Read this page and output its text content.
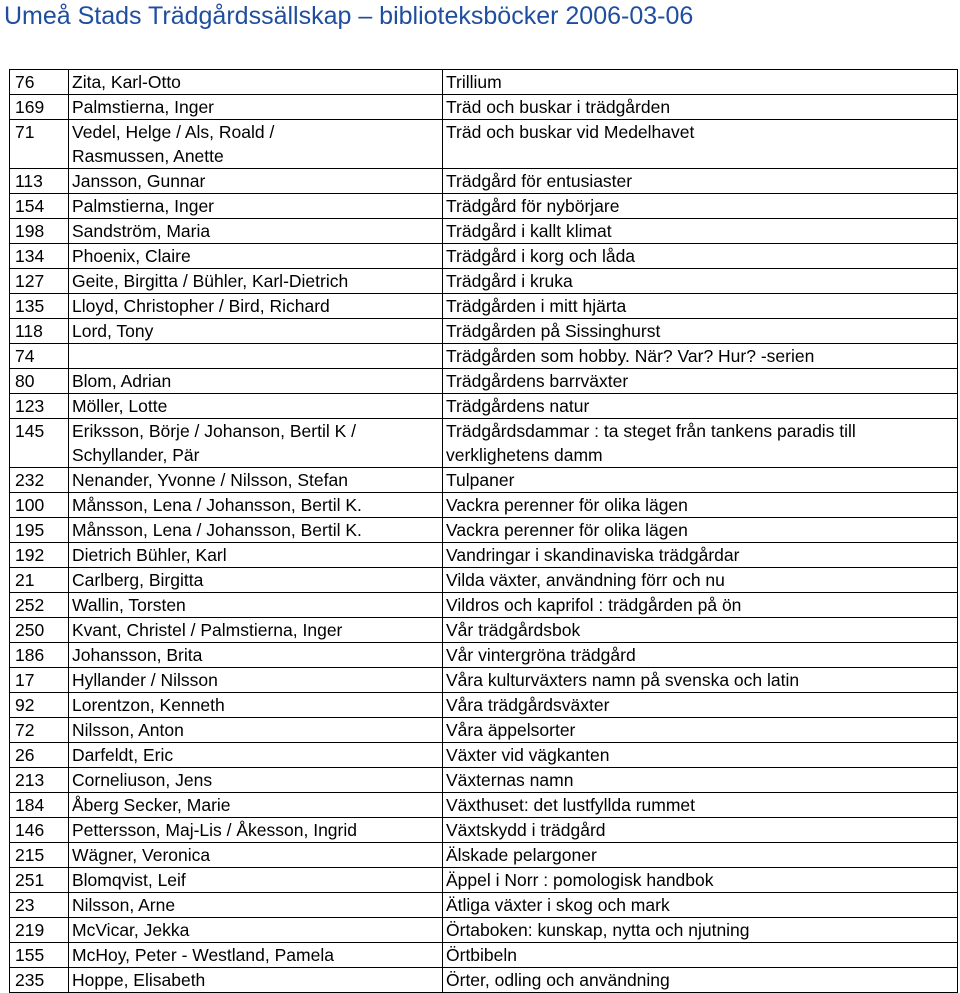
Umeå Stads Trädgårdssällskap – biblioteksböcker 2006-03-06
76	Zita, Karl-Otto	Trillium
169	Palmstierna, Inger	Träd och buskar i trädgården
71	Vedel, Helge / Als, Roald /
Rasmussen, Anette	Träd och buskar vid Medelhavet
113	Jansson, Gunnar	Trädgård för entusiaster
154	Palmstierna, Inger	Trädgård för nybörjare
198	Sandström, Maria	Trädgård i kallt klimat
134	Phoenix, Claire	Trädgård i korg och låda
127	Geite, Birgitta / Bühler, Karl-Dietrich	Trädgård i kruka
135	Lloyd, Christopher / Bird, Richard	Trädgården i mitt hjärta
118	Lord, Tony	Trädgården på Sissinghurst
74		Trädgården som hobby. När? Var? Hur? -serien
80	Blom, Adrian	Trädgårdens barrväxter
123	Möller, Lotte	Trädgårdens natur
145	Eriksson, Börje / Johanson, Bertil K /
Schyllander, Pär	Trädgårdsdammar : ta steget från tankens paradis till
verklighetens damm

232	Nenander, Yvonne / Nilsson, Stefan	Tulpaner
100	Månsson, Lena / Johansson, Bertil K.	Vackra perenner för olika lägen
195	Månsson, Lena / Johansson, Bertil K.	Vackra perenner för olika lägen
192	Dietrich Bühler, Karl	Vandringar i skandinaviska trädgårdar
21	Carlberg, Birgitta	Vilda växter, användning förr och nu
252	Wallin, Torsten	Vildros och kaprifol : trädgården på ön
250	Kvant, Christel / Palmstierna, Inger	Vår trädgårdsbok
186	Johansson, Brita	Vår vintergröna trädgård
17	Hyllander / Nilsson	Våra kulturväxters namn på svenska och latin
92	Lorentzon, Kenneth	Våra trädgårdsväxter
72	Nilsson, Anton	Våra äppelsorter
26	Darfeldt, Eric	Växter vid vägkanten
213	Corneliuson, Jens	Växternas namn
184	Åberg Secker, Marie	Växthuset: det lustfyllda rummet
146	Pettersson, Maj-Lis / Åkesson, Ingrid	Växtskydd i trädgård
215	Wägner, Veronica	Älskade pelargoner
251	Blomqvist, Leif	Äppel i Norr : pomologisk handbok
23	Nilsson, Arne	Ätliga växter i skog och mark
219	McVicar, Jekka	Örtaboken: kunskap, nytta och njutning
155	McHoy, Peter - Westland, Pamela	Örtbibeln
235	Hoppe, Elisabeth	Örter, odling och användning
